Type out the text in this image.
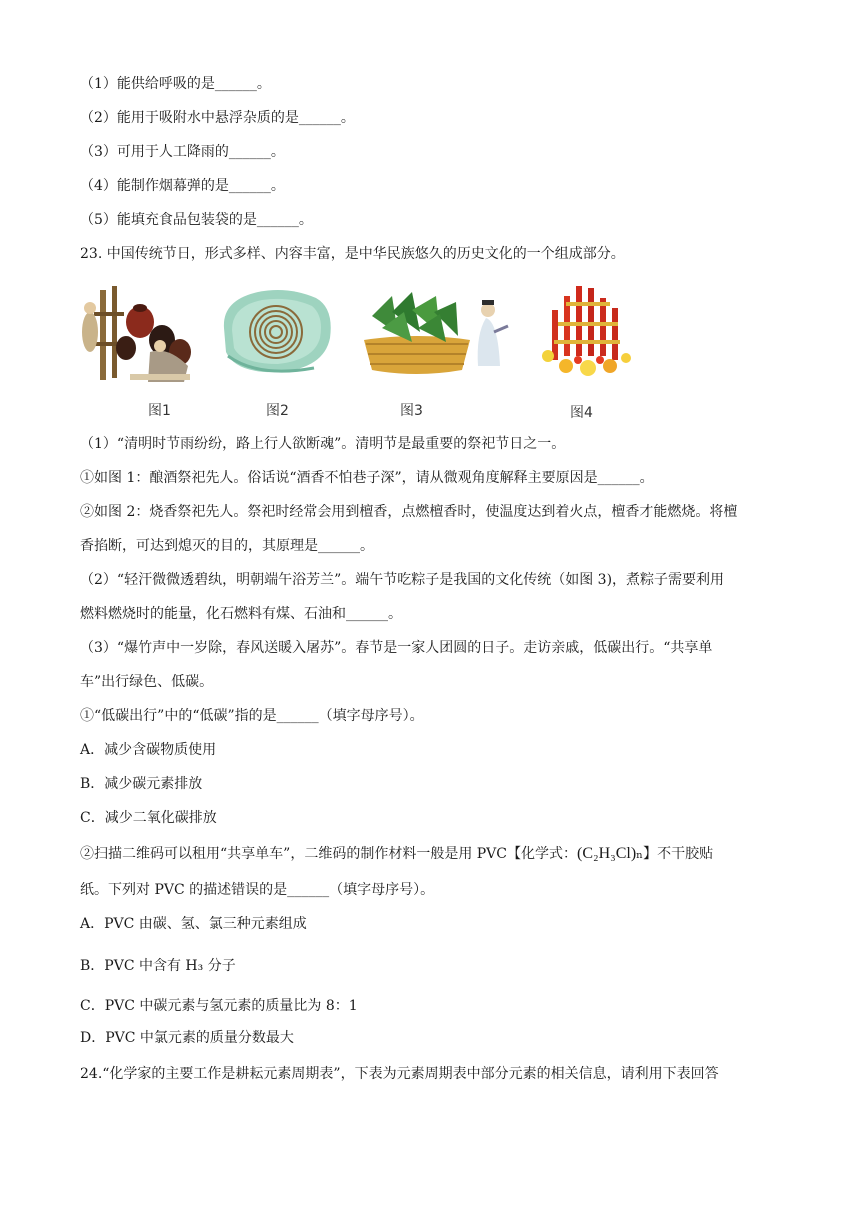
（1）能供给呼吸的是______。
（2）能用于吸附水中悬浮杂质的是______。
（3）可用于人工降雨的______。
（4）能制作烟幕弹的是______。
（5）能填充食品包装袋的是______。
23. 中国传统节日，形式多样、内容丰富，是中华民族悠久的历史文化的一个组成部分。
图1	图2	图3	图4
（1）“清明时节雨纷纷，路上行人欲断魂”。清明节是最重要的祭祀节日之一。
①如图 1：酿酒祭祀先人。俗话说“酒香不怕巷子深”，请从微观角度解释主要原因是______。
②如图 2：烧香祭祀先人。祭祀时经常会用到檀香，点燃檀香时，使温度达到着火点，檀香才能燃烧。将檀
香掐断，可达到熄灭的目的，其原理是______。
（2）“轻汗微微透碧纨，明朝端午浴芳兰”。端午节吃粽子是我国的文化传统（如图 3)，煮粽子需要利用
燃料燃烧时的能量，化石燃料有煤、石油和______。
（3）“爆竹声中一岁除，春风送暖入屠苏”。春节是一家人团圆的日子。走访亲戚，低碳出行。“共享单
车”出行绿色、低碳。
①“低碳出行”中的“低碳”指的是______（填字母序号）。
A．减少含碳物质使用
B．减少碳元素排放
C．减少二氧化碳排放
②扫描二维码可以租用“共享单车”，二维码的制作材料一般是用 PVC【化学式：(C₂H₃Cl)ₙ】不干胶贴
纸。下列对 PVC 的描述错误的是______（填字母序号）。
A．PVC 由碳、氢、氯三种元素组成
B．PVC 中含有 H₃ 分子
C．PVC 中碳元素与氢元素的质量比为 8：1
D．PVC 中氯元素的质量分数最大
24.“化学家的主要工作是耕耘元素周期表”，下表为元素周期表中部分元素的相关信息，请利用下表回答
